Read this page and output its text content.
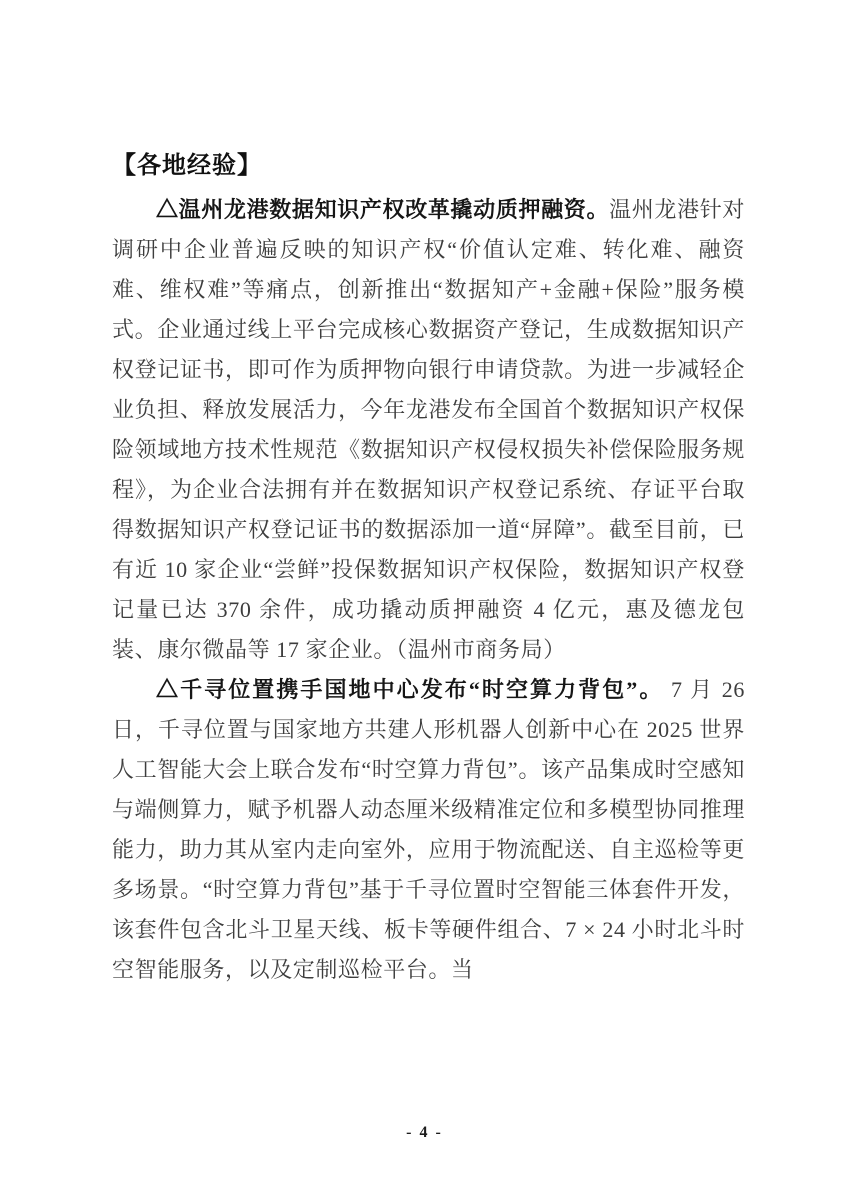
【各地经验】

△温州龙港数据知识产权改革撬动质押融资。温州龙港针对调研中企业普遍反映的知识产权“价值认定难、转化难、融资难、维权难”等痛点，创新推出“数据知产+金融+保险”服务模式。企业通过线上平台完成核心数据资产登记，生成数据知识产权登记证书，即可作为质押物向银行申请贷款。为进一步减轻企业负担、释放发展活力，今年龙港发布全国首个数据知识产权保险领域地方技术性规范《数据知识产权侵权损失补偿保险服务规程》，为企业合法拥有并在数据知识产权登记系统、存证平台取得数据知识产权登记证书的数据添加一道“屏障”。截至目前，已有近 10 家企业“尝鲜”投保数据知识产权保险，数据知识产权登记量已达 370 余件，成功撬动质押融资 4 亿元，惠及德龙包装、康尔微晶等 17 家企业。（温州市商务局）

△千寻位置携手国地中心发布“时空算力背包”。 7 月 26 日，千寻位置与国家地方共建人形机器人创新中心在 2025 世界人工智能大会上联合发布“时空算力背包”。该产品集成时空感知与端侧算力，赋予机器人动态厘米级精准定位和多模型协同推理能力，助力其从室内走向室外，应用于物流配送、自主巡检等更多场景。“时空算力背包”基于千寻位置时空智能三体套件开发，该套件包含北斗卫星天线、板卡等硬件组合、7 × 24 小时北斗时空智能服务，以及定制巡检平台。当

- 4 -
